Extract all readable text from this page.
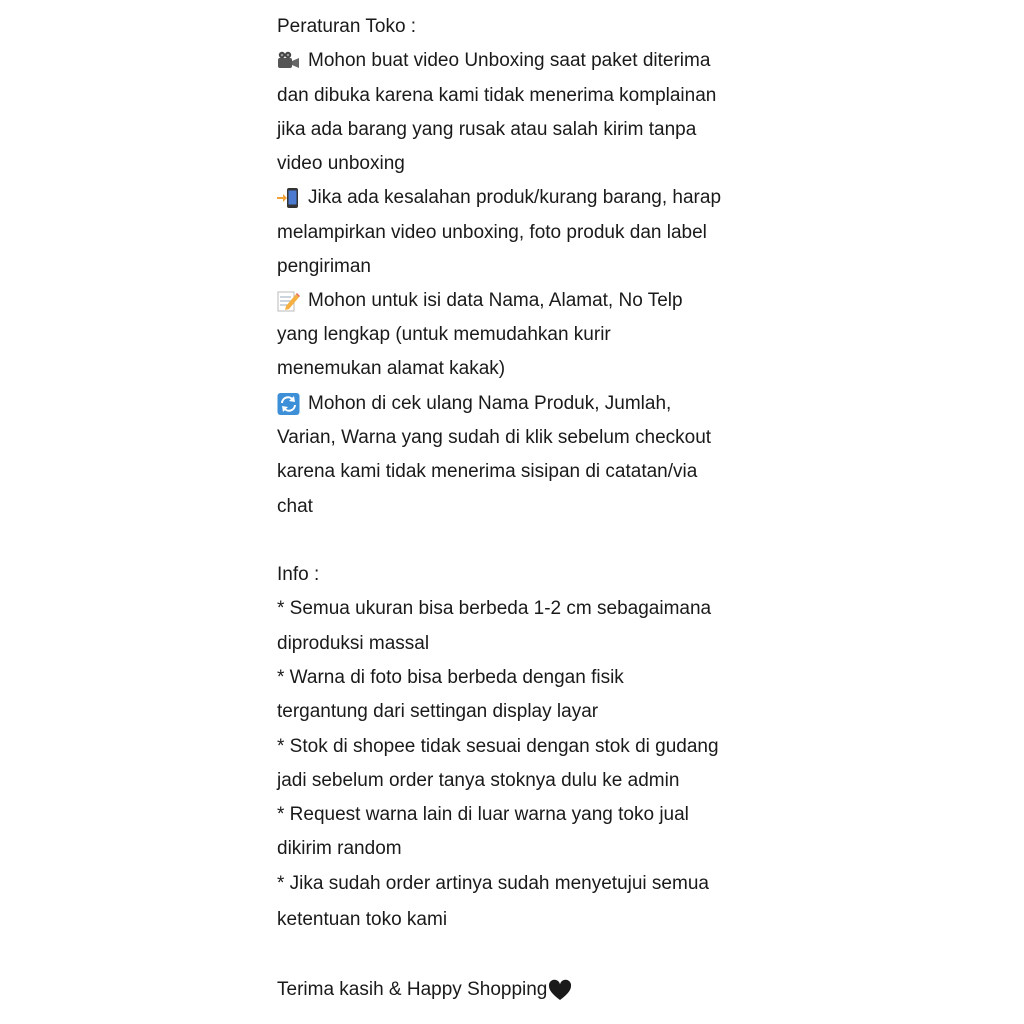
Peraturan Toko :
Mohon buat video Unboxing saat paket diterima
dan dibuka karena kami tidak menerima komplainan
jika ada barang yang rusak atau salah kirim tanpa
video unboxing
Jika ada kesalahan produk/kurang barang, harap
melampirkan video unboxing, foto produk dan label
pengiriman
Mohon untuk isi data Nama, Alamat, No Telp
yang lengkap (untuk memudahkan kurir
menemukan alamat kakak)
Mohon di cek ulang Nama Produk, Jumlah,
Varian, Warna yang sudah di klik sebelum checkout
karena kami tidak menerima sisipan di catatan/via
chat
Info :
* Semua ukuran bisa berbeda 1-2 cm sebagaimana
diproduksi massal
* Warna di foto bisa berbeda dengan fisik
tergantung dari settingan display layar
* Stok di shopee tidak sesuai dengan stok di gudang
jadi sebelum order tanya stoknya dulu ke admin
* Request warna lain di luar warna yang toko jual
dikirim random
* Jika sudah order artinya sudah menyetujui semua
ketentuan toko kami
Terima kasih & Happy Shopping
